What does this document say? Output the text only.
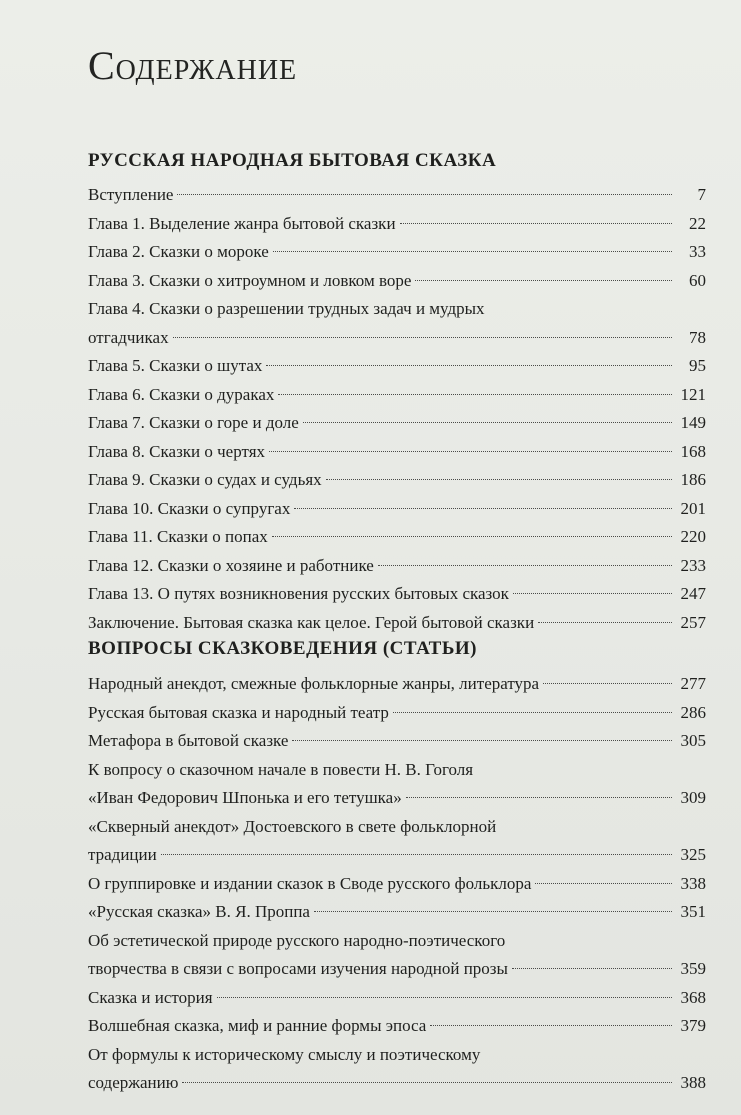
Содержание
РУССКАЯ НАРОДНАЯ БЫТОВАЯ СКАЗКА
Вступление	7
Глава 1. Выделение жанра бытовой сказки	22
Глава 2. Сказки о мороке	33
Глава 3. Сказки о хитроумном и ловком воре	60
Глава 4. Сказки о разрешении трудных задач и мудрых
отгадчиках	78
Глава 5. Сказки о шутах	95
Глава 6. Сказки о дураках	121
Глава 7. Сказки о горе и доле	149
Глава 8. Сказки о чертях	168
Глава 9. Сказки о судах и судьях	186
Глава 10. Сказки о супругах	201
Глава 11. Сказки о попах	220
Глава 12. Сказки о хозяине и работнике	233
Глава 13. О путях возникновения русских бытовых сказок	247
Заключение. Бытовая сказка как целое. Герой бытовой сказки	257
ВОПРОСЫ СКАЗКОВЕДЕНИЯ (СТАТЬИ)
Народный анекдот, смежные фольклорные жанры, литература	277
Русская бытовая сказка и народный театр	286
Метафора в бытовой сказке	305
К вопросу о сказочном начале в повести Н. В. Гоголя
«Иван Федорович Шпонька и его тетушка»	309
«Скверный анекдот» Достоевского в свете фольклорной
традиции	325
О группировке и издании сказок в Своде русского фольклора	338
«Русская сказка» В. Я. Проппа	351
Об эстетической природе русского народно-поэтического
творчества в связи с вопросами изучения народной прозы	359
Сказка и история	368
Волшебная сказка, миф и ранние формы эпоса	379
От формулы к историческому смыслу и поэтическому
содержанию	388
